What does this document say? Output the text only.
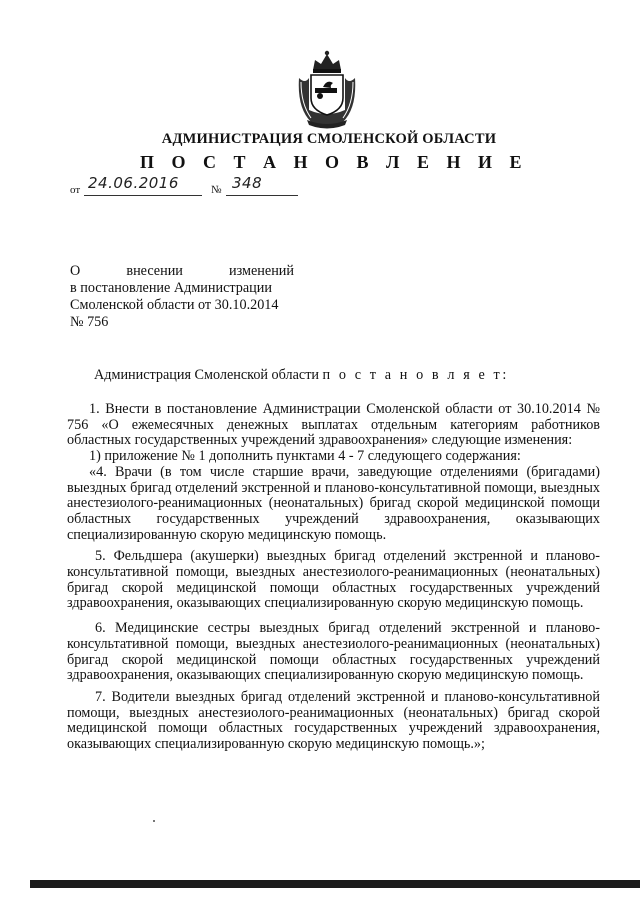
АДМИНИСТРАЦИЯ СМОЛЕНСКОЙ ОБЛАСТИ
П О С Т А Н О В Л Е Н И Е
от 24.06.2016	№ 348
О	внесении	изменений
в постановление Администрации
Смоленской области от 30.10.2014
№ 756
Администрация Смоленской области п о с т а н о в л я е т:

1. Внести в постановление Администрации Смоленской области от 30.10.2014 № 756 «О ежемесячных денежных выплатах отдельным категориям работников областных государственных учреждений здравоохранения» следующие изменения:

1) приложение № 1 дополнить пунктами 4 - 7 следующего содержания:

«4. Врачи (в том числе старшие врачи, заведующие отделениями (бригадами) выездных бригад отделений экстренной и планово-консультативной помощи, выездных анестезиолого-реанимационных (неонатальных) бригад скорой медицинской помощи областных государственных учреждений здравоохранения, оказывающих специализированную скорую медицинскую помощь.

5. Фельдшера (акушерки) выездных бригад отделений экстренной и планово-консультативной помощи, выездных анестезиолого-реанимационных (неонатальных) бригад скорой медицинской помощи областных государственных учреждений здравоохранения, оказывающих специализированную скорую медицинскую помощь.

6. Медицинские сестры выездных бригад отделений экстренной и планово-консультативной помощи, выездных анестезиолого-реанимационных (неонатальных) бригад скорой медицинской помощи областных государственных учреждений здравоохранения, оказывающих специализированную скорую медицинскую помощь.

7. Водители выездных бригад отделений экстренной и планово-консультативной помощи, выездных анестезиолого-реанимационных (неонатальных) бригад скорой медицинской помощи областных государственных учреждений здравоохранения, оказывающих специализированную скорую медицинскую помощь.»;
